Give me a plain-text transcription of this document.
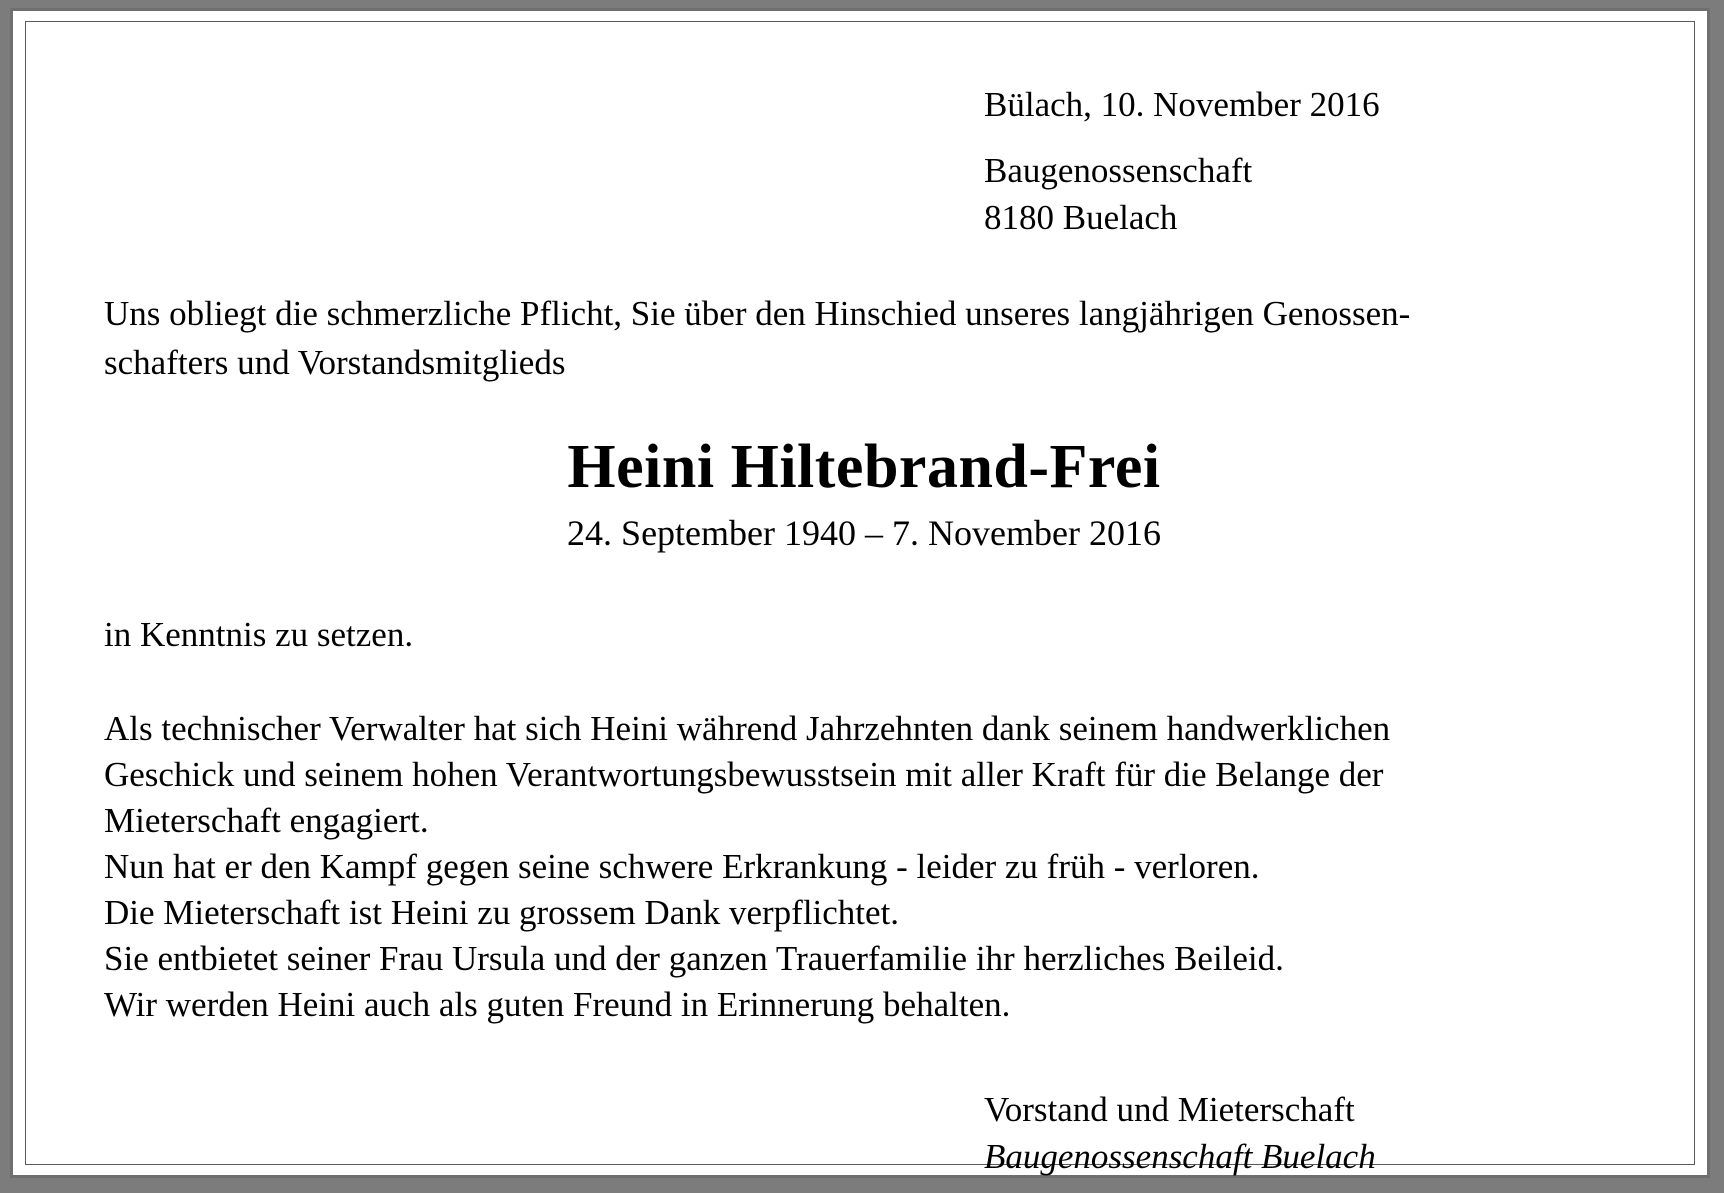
Bülach, 10. November 2016
Baugenossenschaft
8180 Buelach
Uns obliegt die schmerzliche Pflicht, Sie über den Hinschied unseres langjährigen Genossen-
schafters und Vorstandsmitglieds
Heini Hiltebrand-Frei
24. September 1940 – 7. November 2016
in Kenntnis zu setzen.

Als technischer Verwalter hat sich Heini während Jahrzehnten dank seinem handwerklichen

Geschick und seinem hohen Verantwortungsbewusstsein mit aller Kraft für die Belange der

Mieterschaft engagiert.

Nun hat er den Kampf gegen seine schwere Erkrankung - leider zu früh - verloren.

Die Mieterschaft ist Heini zu grossem Dank verpflichtet.

Sie entbietet seiner Frau Ursula und der ganzen Trauerfamilie ihr herzliches Beileid.

Wir werden Heini auch als guten Freund in Erinnerung behalten.

Vorstand und Mieterschaft
Baugenossenschaft Buelach
